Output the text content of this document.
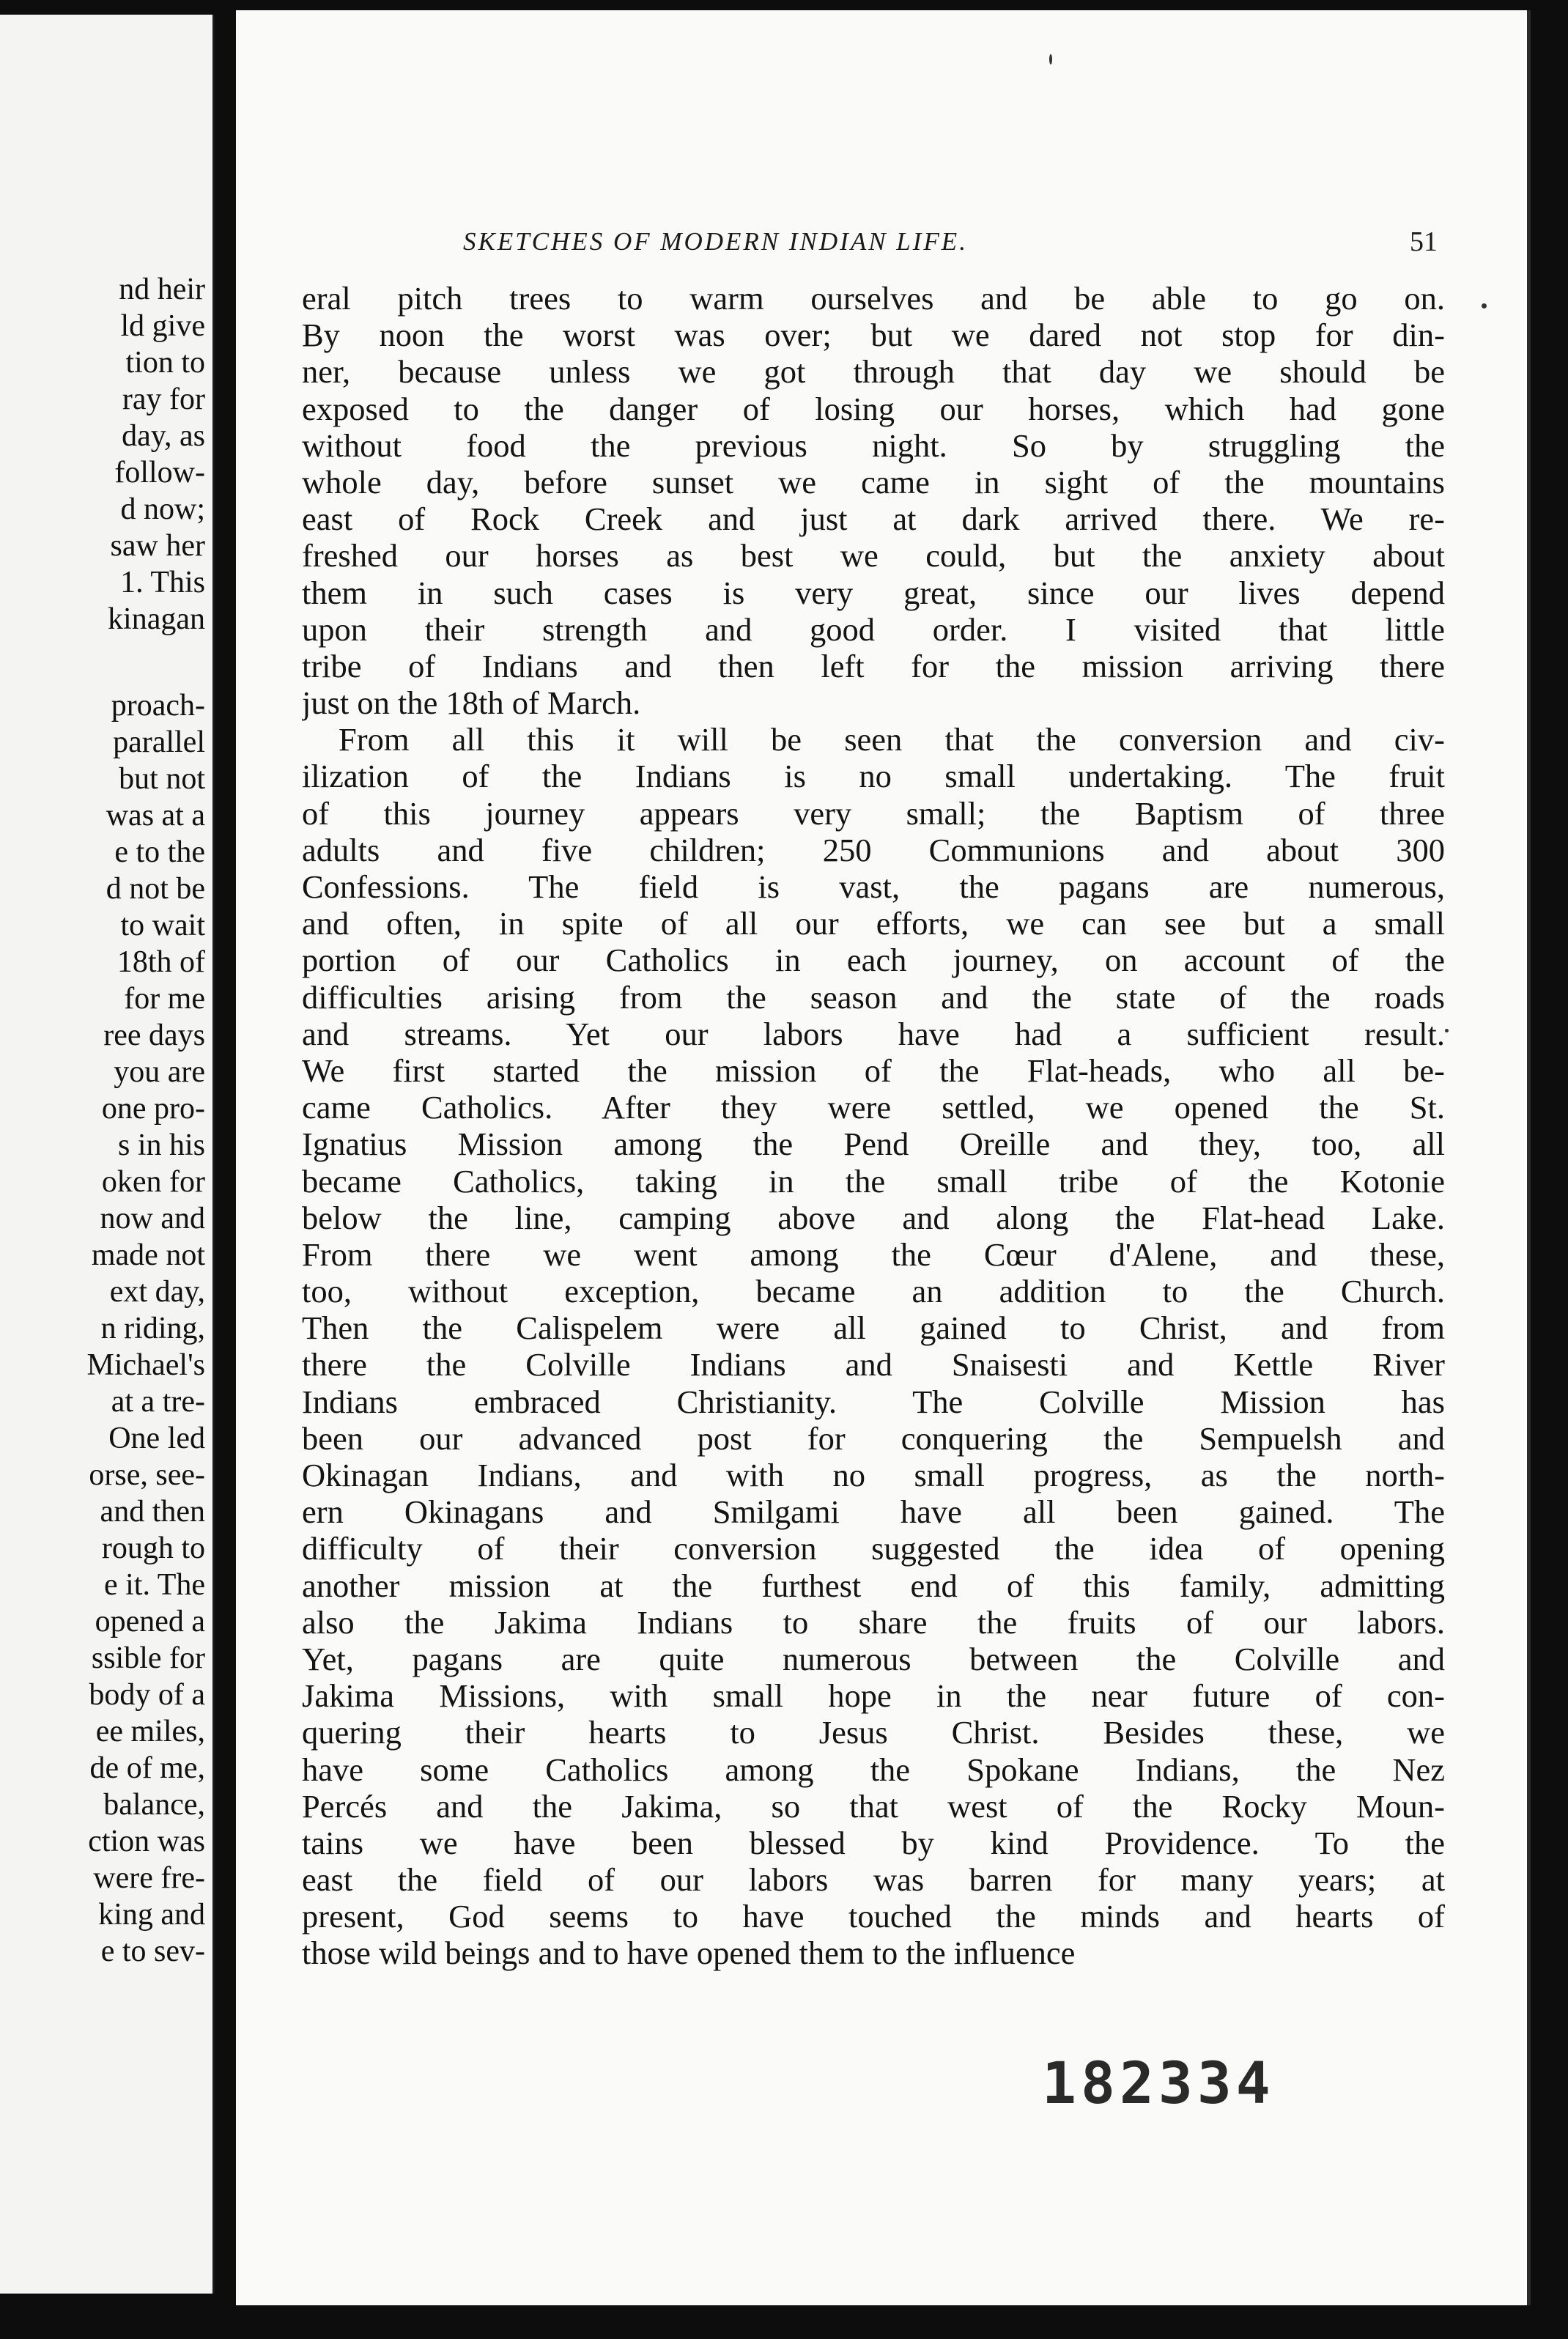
nd heir
ld give
tion to
ray for
day, as
follow-
d now;
saw her
1. This
kinagan
proach-
parallel
but not
was at a
e to the
d not be
to wait
18th of
for me
ree days
you are
one pro-
s in his
oken for
now and
made not
ext day,
n riding,
Michael's
at a tre-
One led
orse, see-
and then
rough to
e it. The
opened a
ssible for
body of a
ee miles,
de of me,
balance,
ction was
were fre-
king and
e to sev-
SKETCHES OF MODERN INDIAN LIFE.	51
eral pitch trees to warm ourselves and be able to go on.
By noon the worst was over; but we dared not stop for din-
ner, because unless we got through that day we should be
exposed to the danger of losing our horses, which had gone
without food the previous night. So by struggling the
whole day, before sunset we came in sight of the mountains
east of Rock Creek and just at dark arrived there. We re-
freshed our horses as best we could, but the anxiety about
them in such cases is very great, since our lives depend
upon their strength and good order. I visited that little
tribe of Indians and then left for the mission arriving there
just on the 18th of March.
From all this it will be seen that the conversion and civ-
ilization of the Indians is no small undertaking. The fruit
of this journey appears very small; the Baptism of three
adults and five children; 250 Communions and about 300
Confessions. The field is vast, the pagans are numerous,
and often, in spite of all our efforts, we can see but a small
portion of our Catholics in each journey, on account of the
difficulties arising from the season and the state of the roads
and streams. Yet our labors have had a sufficient result.
We first started the mission of the Flat-heads, who all be-
came Catholics. After they were settled, we opened the St.
Ignatius Mission among the Pend Oreille and they, too, all
became Catholics, taking in the small tribe of the Kotonie
below the line, camping above and along the Flat-head Lake.
From there we went among the Cœur d'Alene, and these,
too, without exception, became an addition to the Church.
Then the Calispelem were all gained to Christ, and from
there the Colville Indians and Snaisesti and Kettle River
Indians embraced Christianity. The Colville Mission has
been our advanced post for conquering the Sempuelsh and
Okinagan Indians, and with no small progress, as the north-
ern Okinagans and Smilgami have all been gained. The
difficulty of their conversion suggested the idea of opening
another mission at the furthest end of this family, admitting
also the Jakima Indians to share the fruits of our labors.
Yet, pagans are quite numerous between the Colville and
Jakima Missions, with small hope in the near future of con-
quering their hearts to Jesus Christ. Besides these, we
have some Catholics among the Spokane Indians, the Nez
Percés and the Jakima, so that west of the Rocky Moun-
tains we have been blessed by kind Providence. To the
east the field of our labors was barren for many years; at
present, God seems to have touched the minds and hearts of
those wild beings and to have opened them to the influence
182334
